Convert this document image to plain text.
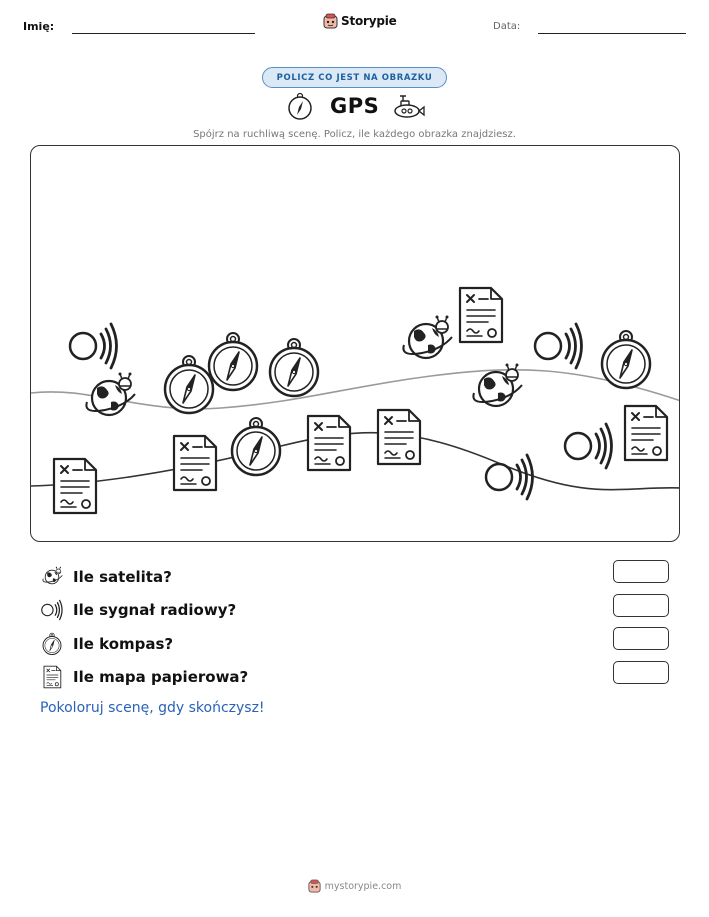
Imię:	Storypie	Data:
POLICZ CO JEST NA OBRAZKU
GPS
Spójrz na ruchliwą scenę. Policz, ile każdego obrazka znajdziesz.
Ile satelita?
Ile sygnał radiowy?
Ile kompas?
Ile mapa papierowa?
Pokoloruj scenę, gdy skończysz!
mystorypie.com
